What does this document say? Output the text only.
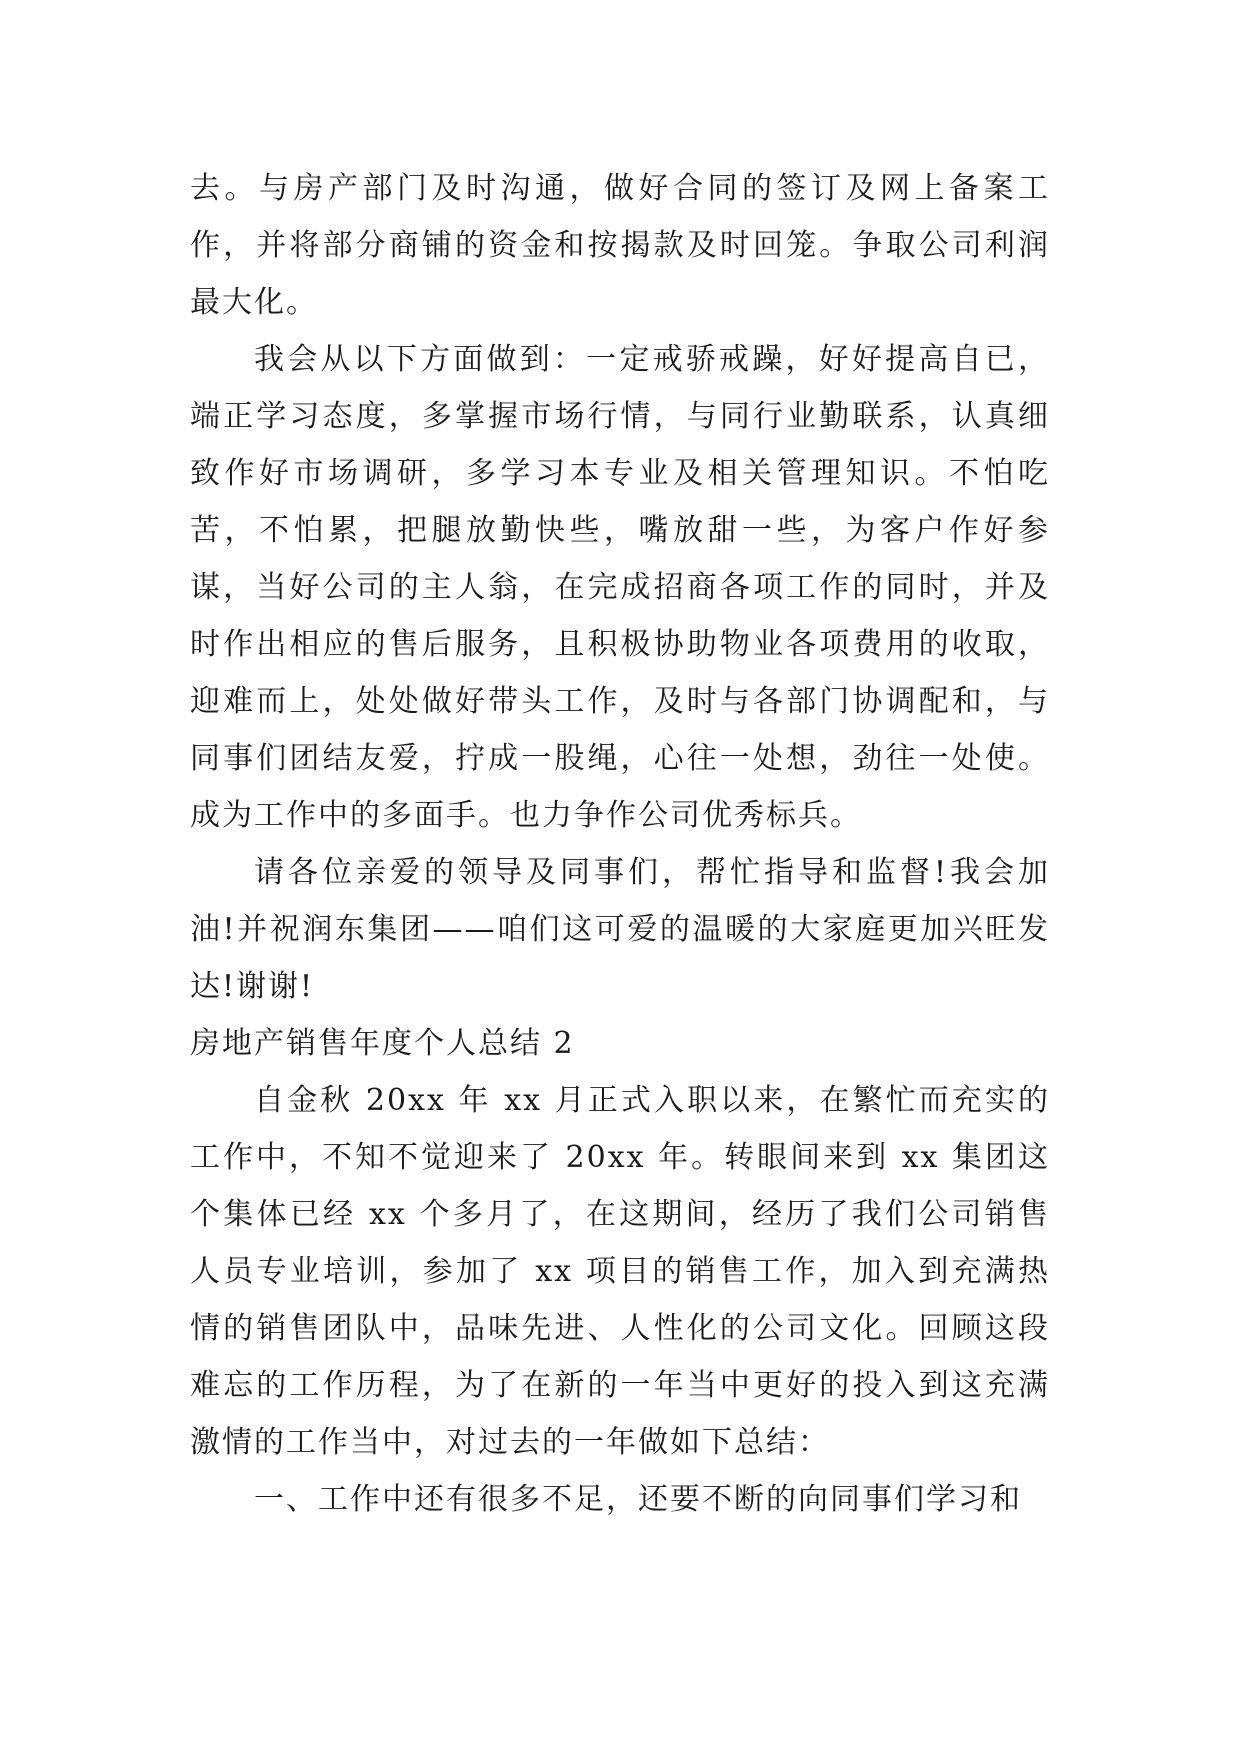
去。与房产部门及时沟通，做好合同的签订及网上备案工作，并将部分商铺的资金和按揭款及时回笼。争取公司利润最大化。

我会从以下方面做到：一定戒骄戒躁，好好提高自已，端正学习态度，多掌握市场行情，与同行业勤联系，认真细致作好市场调研，多学习本专业及相关管理知识。不怕吃苦，不怕累，把腿放勤快些，嘴放甜一些，为客户作好参谋，当好公司的主人翁，在完成招商各项工作的同时，并及时作出相应的售后服务，且积极协助物业各项费用的收取，迎难而上，处处做好带头工作，及时与各部门协调配和，与同事们团结友爱，拧成一股绳，心往一处想，劲往一处使。成为工作中的多面手。也力争作公司优秀标兵。

请各位亲爱的领导及同事们，帮忙指导和监督!我会加油!并祝润东集团——咱们这可爱的温暖的大家庭更加兴旺发达!谢谢!

房地产销售年度个人总结 2

自金秋 20xx 年 xx 月正式入职以来，在繁忙而充实的工作中，不知不觉迎来了 20xx 年。转眼间来到 xx 集团这个集体已经 xx 个多月了，在这期间，经历了我们公司销售人员专业培训，参加了 xx 项目的销售工作，加入到充满热情的销售团队中，品味先进、人性化的公司文化。回顾这段难忘的工作历程，为了在新的一年当中更好的投入到这充满激情的工作当中，对过去的一年做如下总结：

一、工作中还有很多不足，还要不断的向同事们学习和
